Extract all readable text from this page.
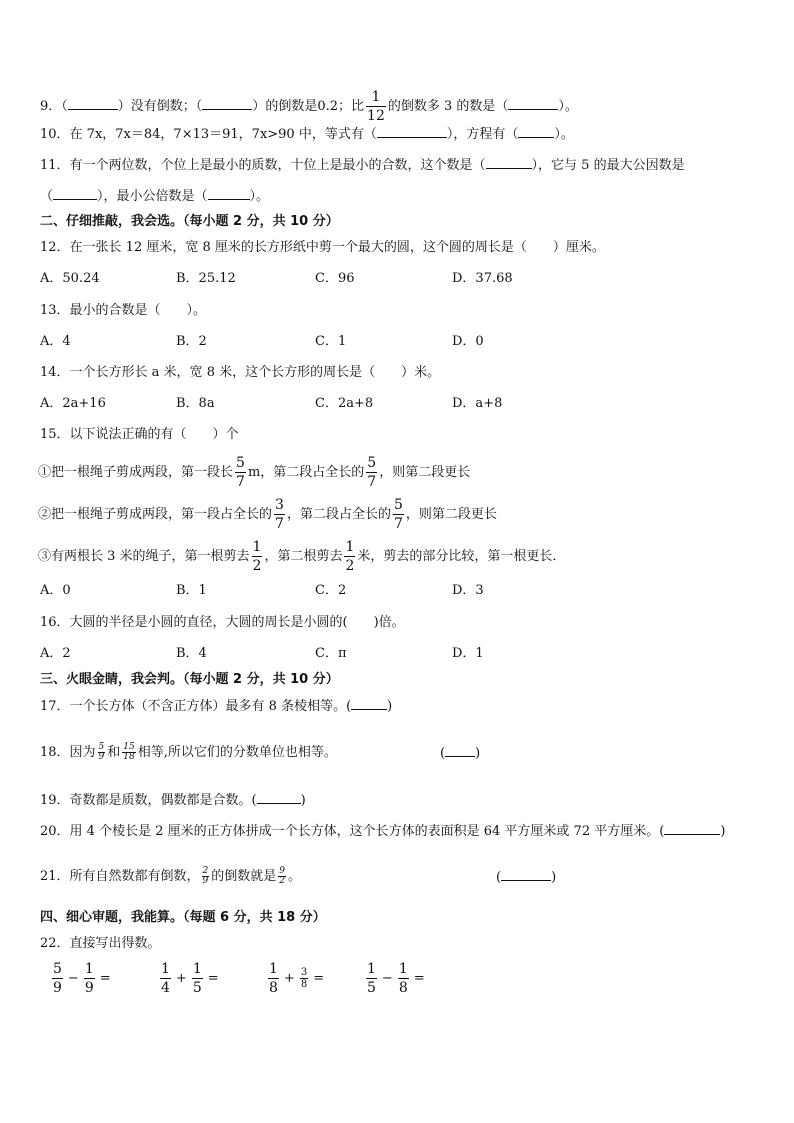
9．（	）没有倒数；（	）的倒数是0.2；比 $\frac{1}{12}$ 的倒数多 3 的数是（	）。
10．在 7x，7x＝84，7×13＝91，7x>90 中，等式有（	），方程有（	）。
11．有一个两位数，个位上是最小的质数，十位上是最小的合数，这个数是（	），它与 5 的最大公因数是
（	），最小公倍数是（	）。
二、仔细推敲，我会选。（每小题 2 分，共 10 分）
12．在一张长 12 厘米，宽 8 厘米的长方形纸中剪一个最大的圆，这个圆的周长是（　　）厘米。
A．50.24	B．25.12	C．96	D．37.68
13．最小的合数是（　　）。
A．4	B．2	C．1	D．0
14．一个长方形长 a 米，宽 8 米，这个长方形的周长是（　　）米。
A．2a+16	B．8a	C．2a+8	D．a+8
15．以下说法正确的有（　　）个
①把一根绳子剪成两段，第一段长 $\frac{5}{7}$ m，第二段占全长的 $\frac{5}{7}$ ，则第二段更长
②把一根绳子剪成两段，第一段占全长的 $\frac{3}{7}$ ，第二段占全长的 $\frac{5}{7}$ ，则第二段更长
③有两根长 3 米的绳子，第一根剪去 $\frac{1}{2}$ ，第二根剪去 $\frac{1}{2}$ 米，剪去的部分比较，第一根更长．
A．0	B．1	C．2	D．3
16．大圆的半径是小圆的直径，大圆的周长是小圆的(　　)倍。
A．2	B．4	C．π	D．1
三、火眼金睛，我会判。（每小题 2 分，共 10 分）
17．一个长方体（不含正方体）最多有 8 条棱相等。(	)
18．因为 $\frac{5}{9}$ 和 $\frac{15}{18}$ 相等,所以它们的分数单位也相等。	( )
19．奇数都是质数，偶数都是合数。(	)
20．用 4 个棱长是 2 厘米的正方体拼成一个长方体，这个长方体的表面积是 64 平方厘米或 72 平方厘米。(	)
21．所有自然数都有倒数， $\frac{2}{9}$ 的倒数就是 $\frac{9}{2}$ 。	(	)
四、细心审题，我能算。（每题 6 分，共 18 分）
22．直接写出得数。
$\frac{5}{9} - \frac{1}{9}$ =	$\frac{1}{4} + \frac{1}{5}$ =	$\frac{1}{8} + \frac{3}{8}$ =	$\frac{1}{5} - \frac{1}{8}$ =
